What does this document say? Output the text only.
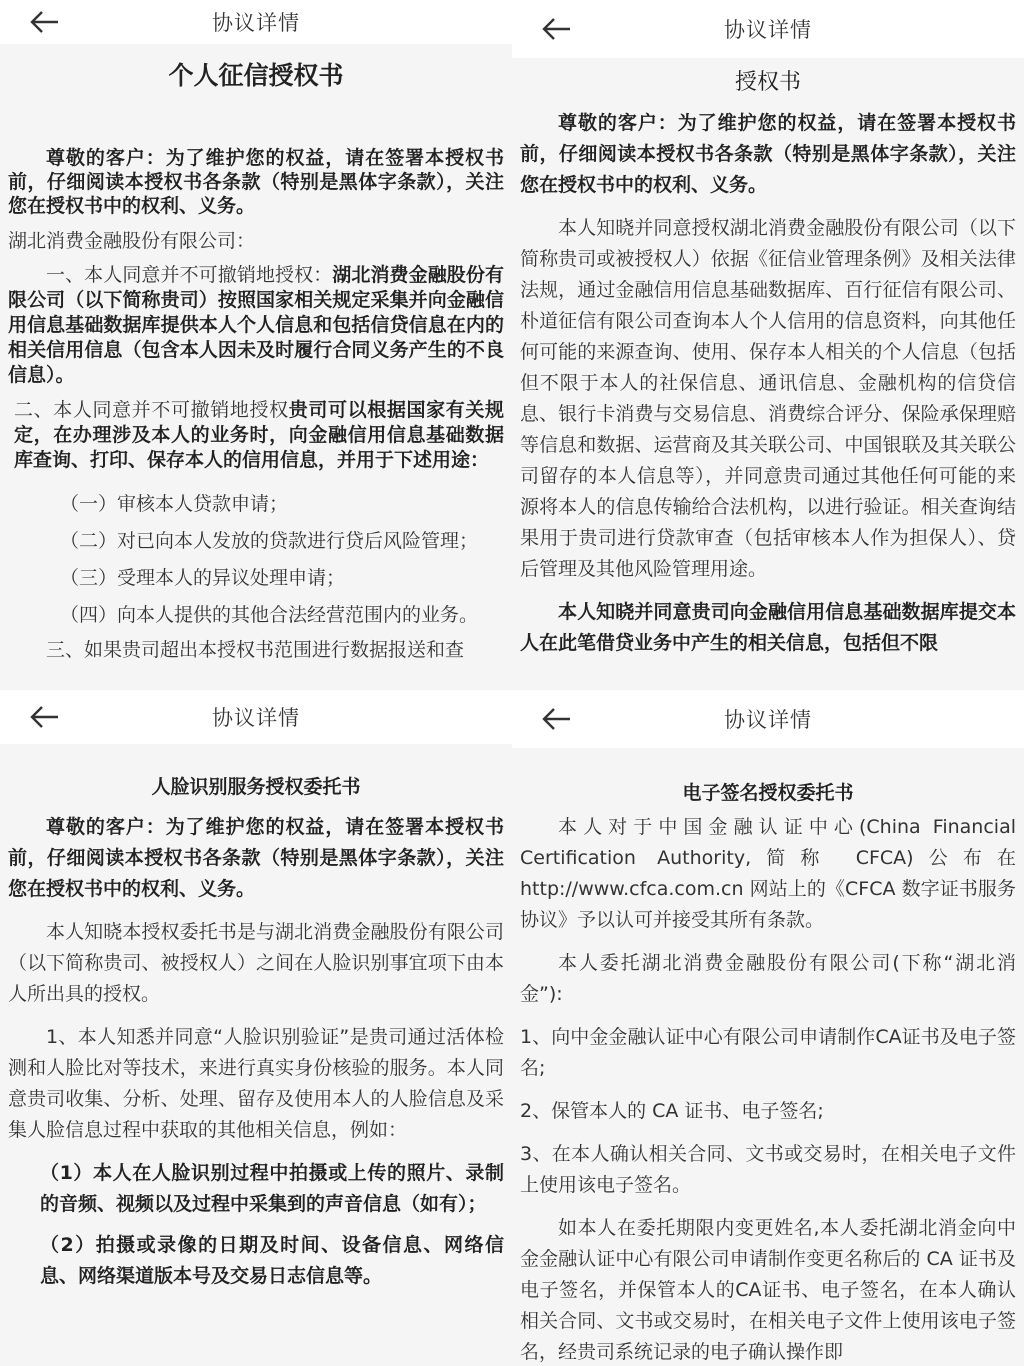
协议详情
个人征信授权书

尊敬的客户：为了维护您的权益，请在签署本授权书前，仔细阅读本授权书各条款（特别是黑体字条款），关注您在授权书中的权利、义务。

湖北消费金融股份有限公司：

一、本人同意并不可撤销地授权：湖北消费金融股份有限公司（以下简称贵司）按照国家相关规定采集并向金融信用信息基础数据库提供本人个人信息和包括信贷信息在内的相关信用信息（包含本人因未及时履行合同义务产生的不良信息）。

二、本人同意并不可撤销地授权贵司可以根据国家有关规定，在办理涉及本人的业务时，向金融信用信息基础数据库查询、打印、保存本人的信用信息，并用于下述用途：

（一）审核本人贷款申请；

（二）对已向本人发放的贷款进行贷后风险管理；

（三）受理本人的异议处理申请；

（四）向本人提供的其他合法经营范围内的业务。

三、如果贵司超出本授权书范围进行数据报送和查

协议详情
授权书

尊敬的客户：为了维护您的权益，请在签署本授权书前，仔细阅读本授权书各条款（特别是黑体字条款），关注您在授权书中的权利、义务。

本人知晓并同意授权湖北消费金融股份有限公司（以下简称贵司或被授权人）依据《征信业管理条例》及相关法律法规，通过金融信用信息基础数据库、百行征信有限公司、朴道征信有限公司查询本人个人信用的信息资料，向其他任何可能的来源查询、使用、保存本人相关的个人信息（包括但不限于本人的社保信息、通讯信息、金融机构的信贷信息、银行卡消费与交易信息、消费综合评分、保险承保理赔等信息和数据、运营商及其关联公司、中国银联及其关联公司留存的本人信息等），并同意贵司通过其他任何可能的来源将本人的信息传输给合法机构，以进行验证。相关查询结果用于贵司进行贷款审查（包括审核本人作为担保人）、贷后管理及其他风险管理用途。

本人知晓并同意贵司向金融信用信息基础数据库提交本人在此笔借贷业务中产生的相关信息，包括但不限

协议详情
人脸识别服务授权委托书

尊敬的客户：为了维护您的权益，请在签署本授权书前，仔细阅读本授权书各条款（特别是黑体字条款），关注您在授权书中的权利、义务。

本人知晓本授权委托书是与湖北消费金融股份有限公司（以下简称贵司、被授权人）之间在人脸识别事宜项下由本人所出具的授权。

1、本人知悉并同意“人脸识别验证”是贵司通过活体检测和人脸比对等技术，来进行真实身份核验的服务。本人同意贵司收集、分析、处理、留存及使用本人的人脸信息及采集人脸信息过程中获取的其他相关信息，例如：

（1）本人在人脸识别过程中拍摄或上传的照片、录制的音频、视频以及过程中采集到的声音信息（如有）；

（2）拍摄或录像的日期及时间、设备信息、网络信息、网络渠道版本号及交易日志信息等。

协议详情
电子签名授权委托书

本人对于中国金融认证中心(China Financial Certification Authority,简称 CFCA)公布在 http://www.cfca.com.cn 网站上的《CFCA 数字证书服务协议》予以认可并接受其所有条款。

本人委托湖北消费金融股份有限公司(下称“湖北消金”):

1、向中金金融认证中心有限公司申请制作CA证书及电子签名;

2、保管本人的 CA 证书、电子签名;

3、在本人确认相关合同、文书或交易时，在相关电子文件上使用该电子签名。

如本人在委托期限内变更姓名,本人委托湖北消金向中金金融认证中心有限公司申请制作变更名称后的 CA 证书及电子签名，并保管本人的CA证书、电子签名，在本人确认相关合同、文书或交易时，在相关电子文件上使用该电子签名，经贵司系统记录的电子确认操作即
